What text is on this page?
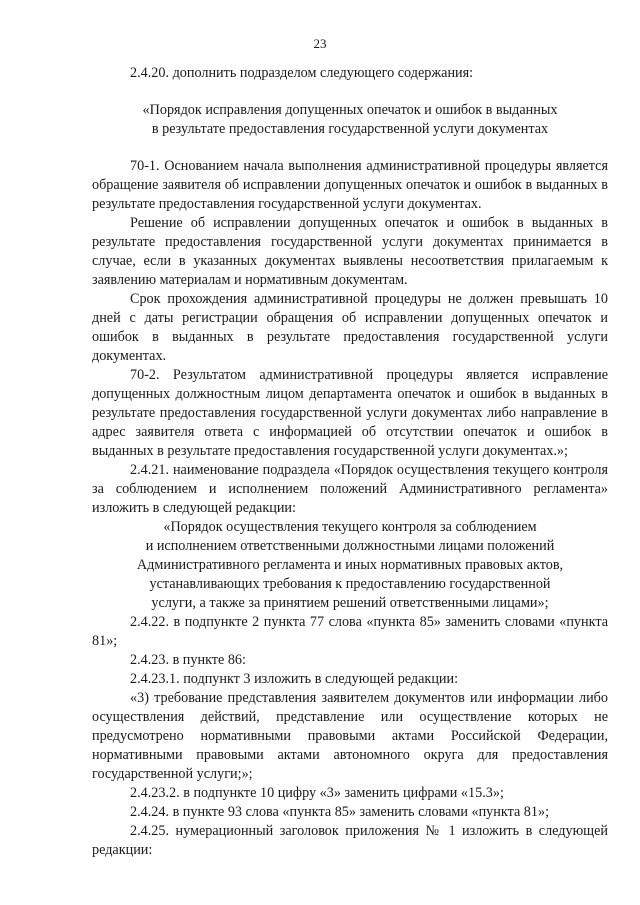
23

2.4.20. дополнить подразделом следующего содержания:

«Порядок исправления допущенных опечаток и ошибок в выданных

в результате предоставления государственной услуги документах

70-1. Основанием начала выполнения административной процедуры является обращение заявителя об исправлении допущенных опечаток и ошибок в выданных в результате предоставления государственной услуги документах.

Решение об исправлении допущенных опечаток и ошибок в выданных в результате предоставления государственной услуги документах принимается в случае, если в указанных документах выявлены несоответствия прилагаемым к заявлению материалам и нормативным документам.

Срок прохождения административной процедуры не должен превышать 10 дней с даты регистрации обращения об исправлении допущенных опечаток и ошибок в выданных в результате предоставления государственной услуги документах.

70-2. Результатом административной процедуры является исправление допущенных должностным лицом департамента опечаток и ошибок в выданных в результате предоставления государственной услуги документах либо направление в адрес заявителя ответа с информацией об отсутствии опечаток и ошибок в выданных в результате предоставления государственной услуги документах.»;

2.4.21. наименование подраздела «Порядок осуществления текущего контроля за соблюдением и исполнением положений Административного регламента» изложить в следующей редакции:

«Порядок осуществления текущего контроля за соблюдением

и исполнением ответственными должностными лицами положений

Административного регламента и иных нормативных правовых актов,

устанавливающих требования к предоставлению государственной

услуги, а также за принятием решений ответственными лицами»;

2.4.22. в подпункте 2 пункта 77 слова «пункта 85» заменить словами «пункта 81»;

2.4.23. в пункте 86:

2.4.23.1. подпункт 3 изложить в следующей редакции:

«3) требование представления заявителем документов или информации либо осуществления действий, представление или осуществление которых не предусмотрено нормативными правовыми актами Российской Федерации, нормативными правовыми актами автономного округа для предоставления государственной услуги;»;

2.4.23.2. в подпункте 10 цифру «3» заменить цифрами «15.3»;

2.4.24. в пункте 93 слова «пункта 85» заменить словами «пункта 81»;

2.4.25. нумерационный заголовок приложения № 1 изложить в следующей редакции:
